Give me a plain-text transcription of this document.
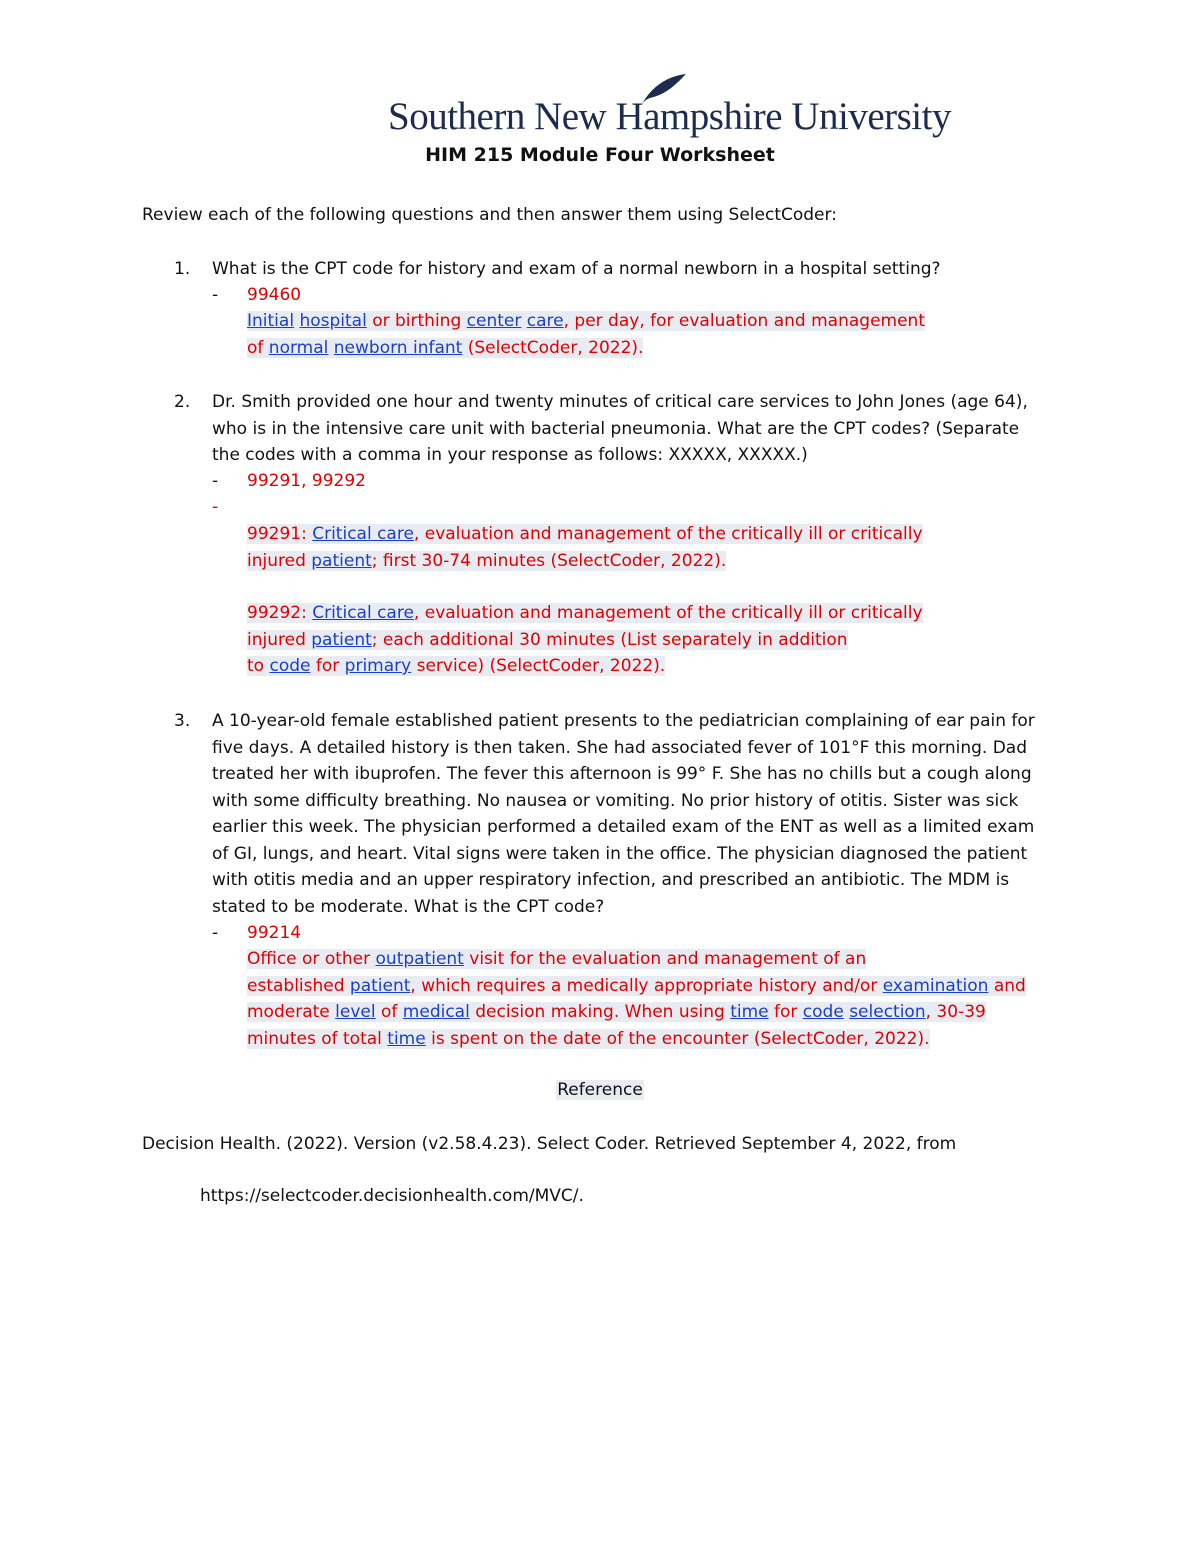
Southern New Hampshire University
HIM 215 Module Four Worksheet
Review each of the following questions and then answer them using SelectCoder:
1. What is the CPT code for history and exam of a normal newborn in a hospital setting?
- 99460
Initial hospital or birthing center care, per day, for evaluation and management
of normal newborn infant (SelectCoder, 2022).
2. Dr. Smith provided one hour and twenty minutes of critical care services to John Jones (age 64),
who is in the intensive care unit with bacterial pneumonia. What are the CPT codes? (Separate
the codes with a comma in your response as follows: XXXXX, XXXXX.)
- 99291, 99292
-
99291: Critical care, evaluation and management of the critically ill or critically
injured patient; first 30-74 minutes (SelectCoder, 2022).
99292: Critical care, evaluation and management of the critically ill or critically
injured patient; each additional 30 minutes (List separately in addition
to code for primary service) (SelectCoder, 2022).
3. A 10-year-old female established patient presents to the pediatrician complaining of ear pain for
five days. A detailed history is then taken. She had associated fever of 101°F this morning. Dad
treated her with ibuprofen. The fever this afternoon is 99° F. She has no chills but a cough along
with some difficulty breathing. No nausea or vomiting. No prior history of otitis. Sister was sick
earlier this week. The physician performed a detailed exam of the ENT as well as a limited exam
of GI, lungs, and heart. Vital signs were taken in the office. The physician diagnosed the patient
with otitis media and an upper respiratory infection, and prescribed an antibiotic. The MDM is
stated to be moderate. What is the CPT code?
- 99214
Office or other outpatient visit for the evaluation and management of an
established patient, which requires a medically appropriate history and/or examination and
moderate level of medical decision making. When using time for code selection, 30-39
minutes of total time is spent on the date of the encounter (SelectCoder, 2022).
Reference
Decision Health. (2022). Version (v2.58.4.23). Select Coder. Retrieved September 4, 2022, from
https://selectcoder.decisionhealth.com/MVC/.
